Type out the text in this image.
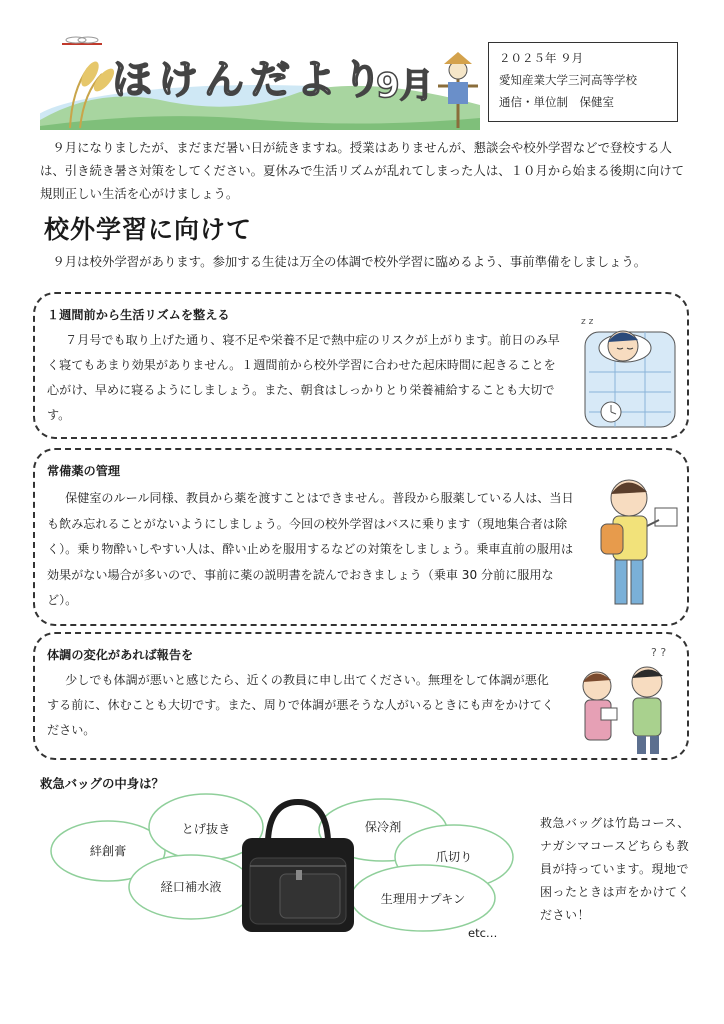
ほけんだより
9月
２０２５年 ９月
愛知産業大学三河高等学校
通信・単位制　保健室
９月になりましたが、まだまだ暑い日が続きますね。授業はありませんが、懇談会や校外学習などで登校する人は、引き続き暑さ対策をしてください。夏休みで生活リズムが乱れてしまった人は、１０月から始まる後期に向けて規則正しい生活を心がけましょう。
校外学習に向けて
９月は校外学習があります。参加する生徒は万全の体調で校外学習に臨めるよう、事前準備をしましょう。
１週間前から生活リズムを整える
７月号でも取り上げた通り、寝不足や栄養不足で熱中症のリスクが上がります。前日のみ早く寝てもあまり効果がありません。１週間前から校外学習に合わせた起床時間に起きることを心がけ、早めに寝るようにしましょう。また、朝食はしっかりとり栄養補給することも大切です。
z z
常備薬の管理
保健室のルール同様、教員から薬を渡すことはできません。普段から服薬している人は、当日も飲み忘れることがないようにしましょう。今回の校外学習はバスに乗ります（現地集合者は除く）。乗り物酔いしやすい人は、酔い止めを服用するなどの対策をしましょう。乗車直前の服用は効果がない場合が多いので、事前に薬の説明書を読んでおきましょう（乗車 30 分前に服用など）。
体調の変化があれば報告を
少しでも体調が悪いと感じたら、近くの教員に申し出てください。無理をして体調が悪化する前に、休むことも大切です。また、周りで体調が悪そうな人がいるときにも声をかけてください。
? ?
救急バッグの中身は？
絆創膏
とげ抜き	保冷剤
爪切り
経口補水液
生理用ナプキン
救急バッグは竹島コース、ナガシマコースどちらも教員が持っています。現地で困ったときは声をかけてください！
etc…
